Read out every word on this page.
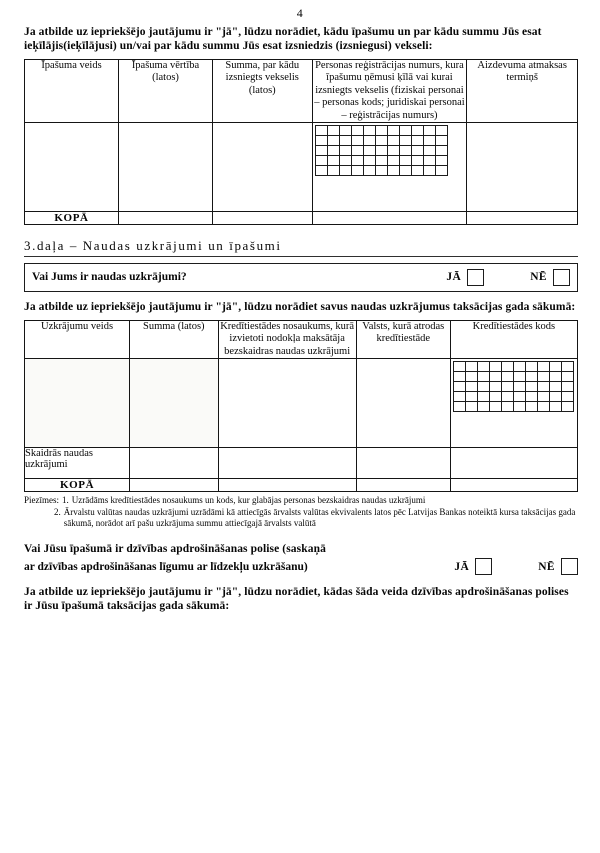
4
Ja atbilde uz iepriekšējo jautājumu ir "jā", lūdzu norādiet, kādu īpašumu un par kādu summu Jūs esat ieķīlājis(ieķīlājusi) un/vai par kādu summu Jūs esat izsniedzis (izsniegusi) vekseli:
Īpašuma veids	Īpašuma vērtība (latos)	Summa, par kādu izsniegts vekselis (latos)	Personas reģistrācijas numurs, kura īpašumu ņēmusi ķīlā vai kurai izsniegts vekselis (fiziskai personai – personas kods; juridiskai personai – reģistrācijas numurs)	Aizdevuma atmaksas termiņš

KOPĀ				
3.daļa – Naudas uzkrājumi un īpašumi
Vai Jums ir naudas uzkrājumi?	JĀ	NĒ
Ja atbilde uz iepriekšējo jautājumu ir "jā", lūdzu norādiet savus naudas uzkrājumus taksācijas gada sākumā:
Uzkrājumu veids	Summa (latos)	Kredītiestādes nosaukums, kurā izvietoti nodokļa maksātāja bezskaidras naudas uzkrājumi	Valsts, kurā atrodas kredītiestāde	Kredītiestādes kods

Skaidrās naudas uzkrājumi				
KOPĀ				
Piezīmes: 1. Uzrādāms kredītiestādes nosaukums un kods, kur glabājas personas bezskaidras naudas uzkrājumi
2. Ārvalstu valūtas naudas uzkrājumi uzrādāmi kā attiecīgās ārvalsts valūtas ekvivalents latos pēc Latvijas Bankas noteiktā kursa taksācijas gada sākumā, norādot arī pašu uzkrājuma summu attiecīgajā ārvalsts valūtā
Vai Jūsu īpašumā ir dzīvības apdrošināšanas polise (saskaņā
ar dzīvības apdrošināšanas līgumu ar līdzekļu uzkrāšanu)	JĀ	NĒ
Ja atbilde uz iepriekšējo jautājumu ir "jā", lūdzu norādiet, kādas šāda veida dzīvības apdrošināšanas polises ir Jūsu īpašumā taksācijas gada sākumā:
